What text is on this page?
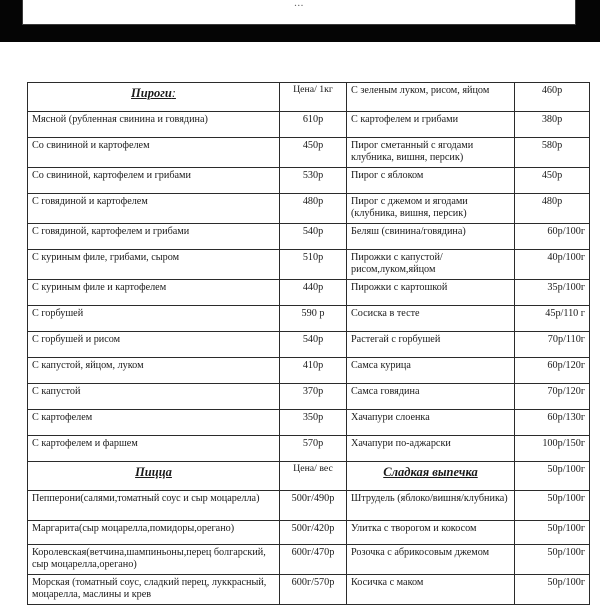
...
Пироги:	Цена/ 1кг	С зеленым луком, рисом, яйцом	460р
Мясной (рубленная свинина и говядина)	610р	С картофелем и грибами	380р
Со свининой и картофелем	450р	Пирог сметанный с ягодами клубника, вишня, персик)	580р
Со свининой, картофелем и грибами	530р	Пирог с яблоком	450р
С говядиной и картофелем	480р	Пирог с джемом и ягодами (клубника, вишня, персик)	480р
С говядиной, картофелем и грибами	540р	Беляш (свинина/говядина)	60р/100г
С куриным филе, грибами, сыром	510р	Пирожки с капустой/рисом,луком,яйцом	40р/100г
С куриным филе и картофелем	440р	Пирожки с картошкой	35р/100г
С горбушей	590 р	Сосиска в тесте	45р/110 г
С горбушей и рисом	540р	Растегай с горбушей	70р/110г
С капустой, яйцом, луком	410р	Самса курица	60р/120г
С капустой	370р	Самса говядина	70р/120г
С картофелем	350р	Хачапури слоенка	60р/130г
С картофелем и фаршем	570р	Хачапури по-аджарски	100р/150г

Пицца	Цена/ вес	Сладкая выпечка	50р/100г
Пепперони(салями,томатный соус и сыр моцарелла)	500г/490р	Штрудель (яблоко/вишня/клубника)	50р/100г
Маргарита(сыр моцарелла,помидоры,орегано)	500г/420р	Улитка с творогом и кокосом	50р/100г
Королевская(ветчина,шампиньоны,перец болгарский, сыр моцарелла,орегано)	600г/470р	Розочка с абрикосовым джемом	50р/100г
Морская (томатный соус, сладкий перец, луккрасный, моцарелла, маслины и крев	600г/570р	Косичка с маком	50р/100г
